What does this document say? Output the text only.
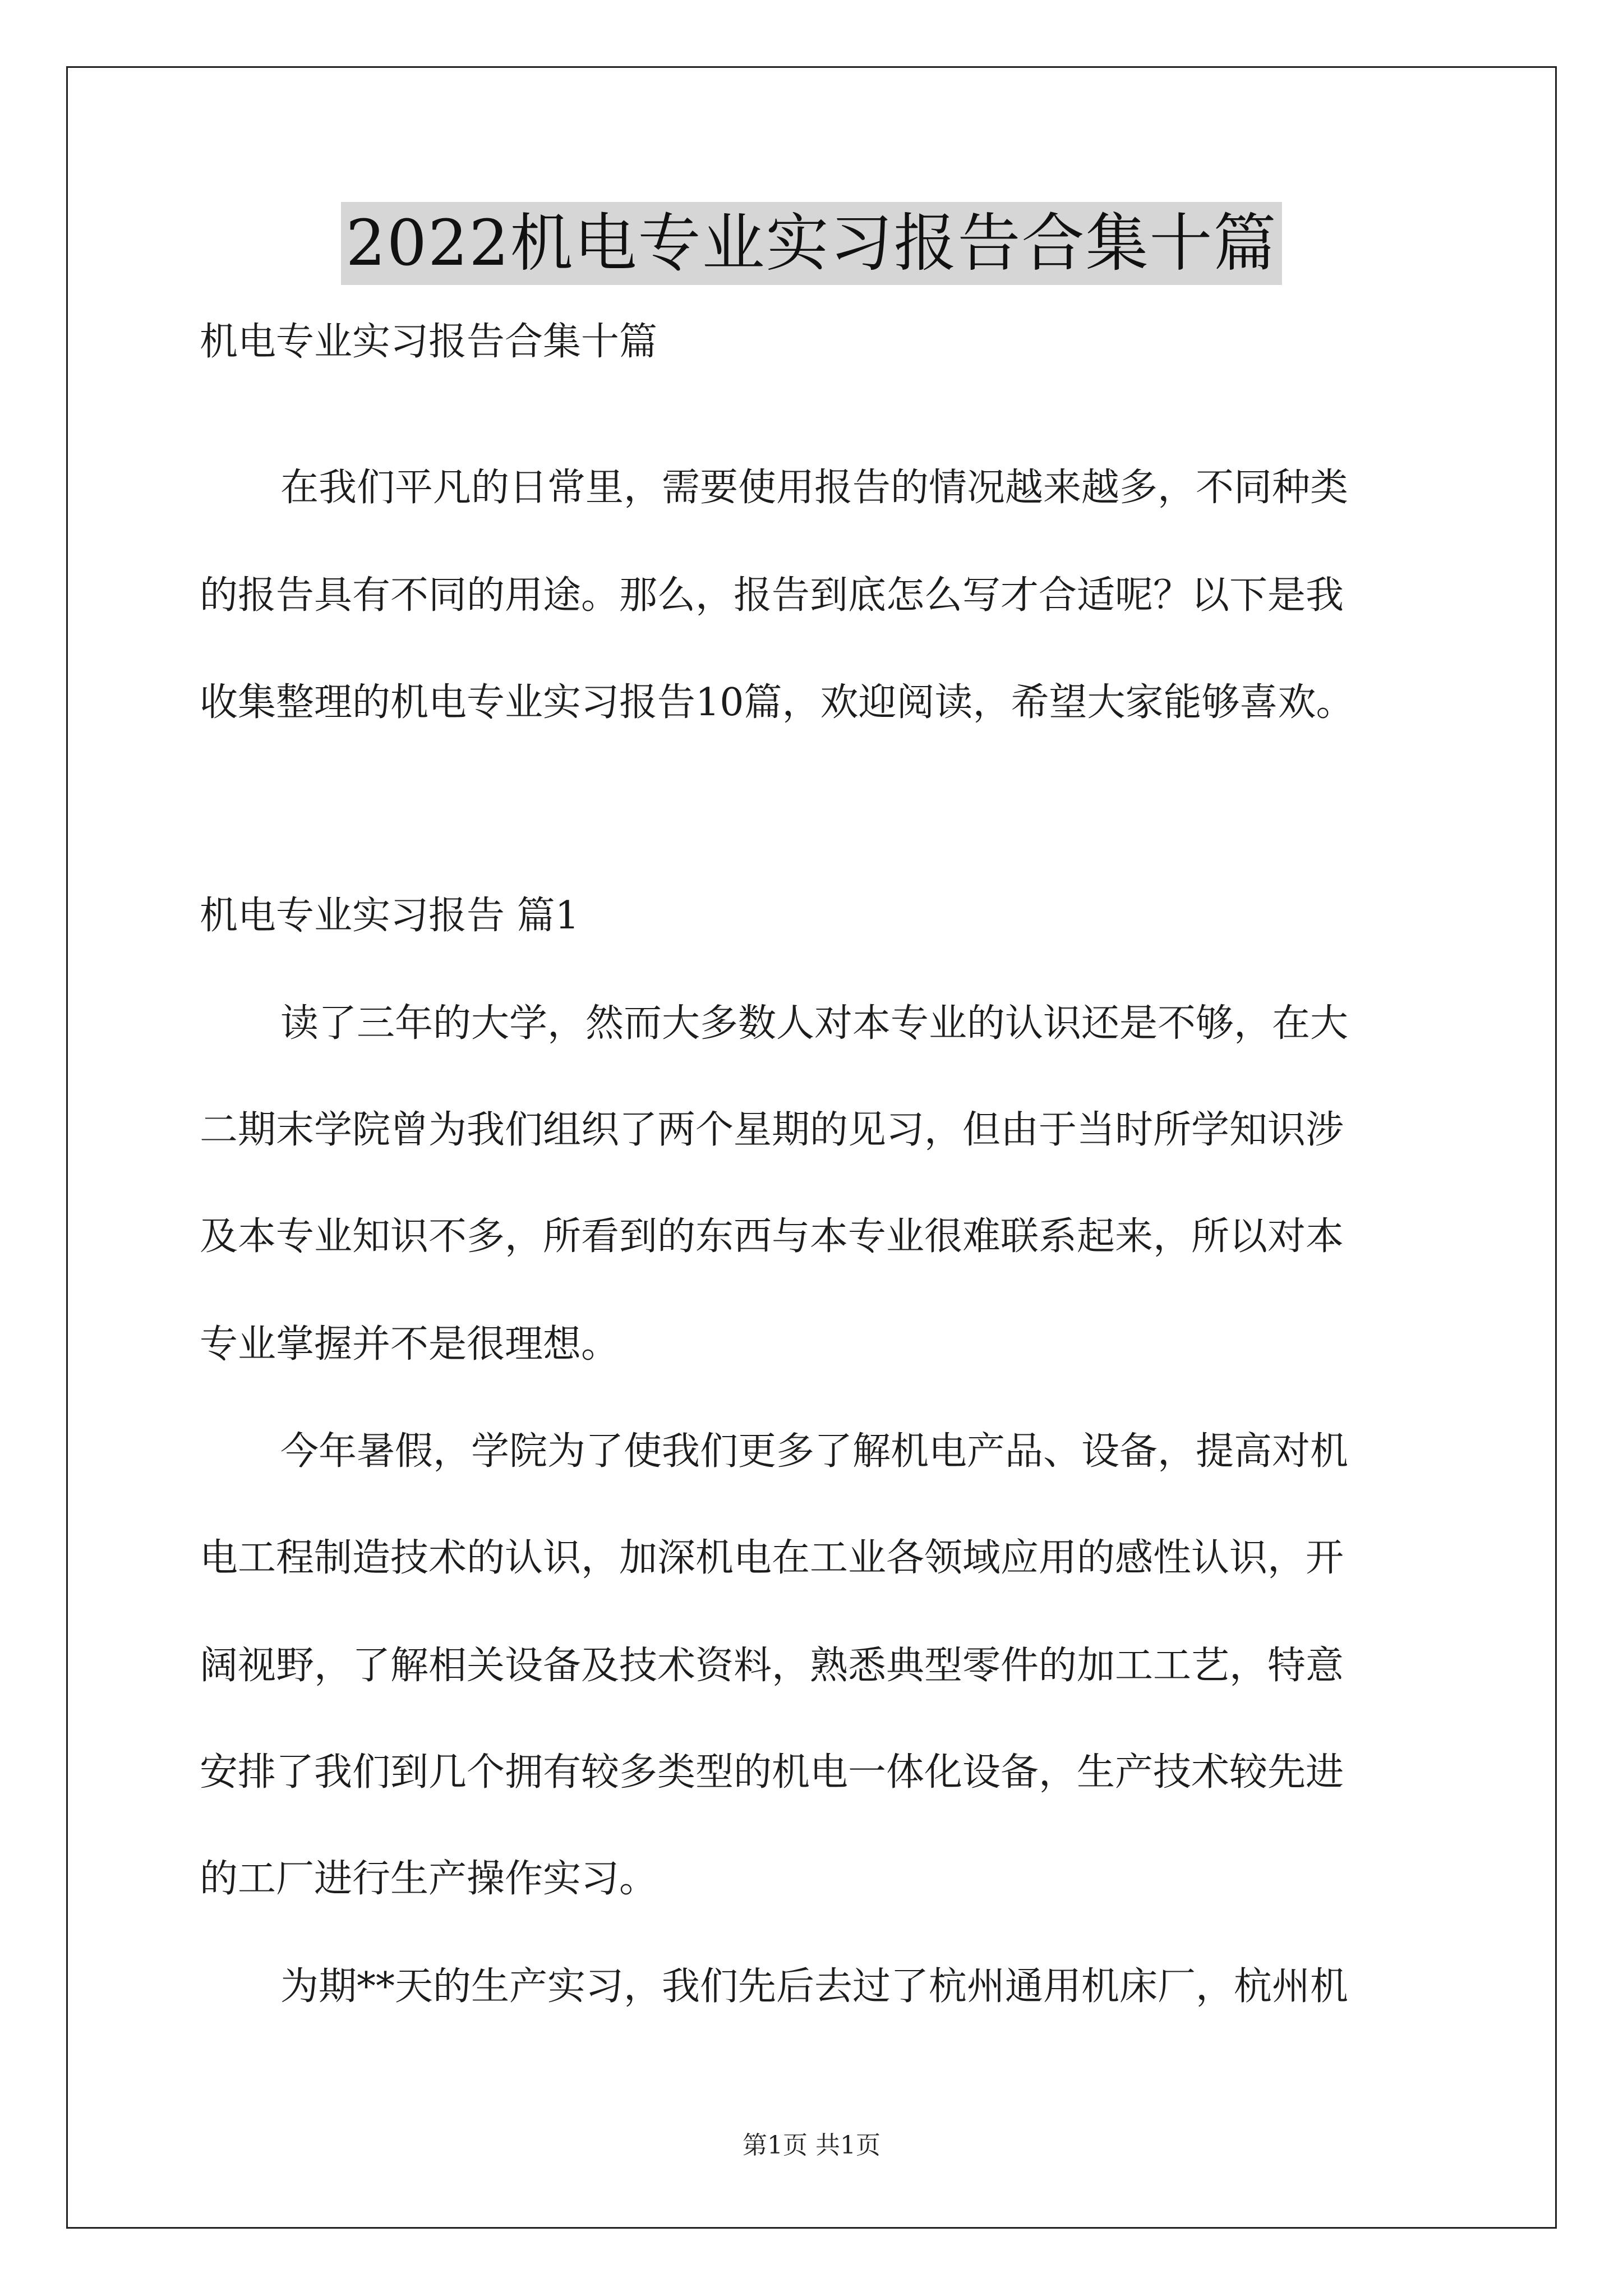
2022机电专业实习报告合集十篇
机电专业实习报告合集十篇
在我们平凡的日常里，需要使用报告的情况越来越多，不同种类
的报告具有不同的用途。那么，报告到底怎么写才合适呢？以下是我
收集整理的机电专业实习报告10篇，欢迎阅读，希望大家能够喜欢。
机电专业实习报告 篇1
读了三年的大学，然而大多数人对本专业的认识还是不够，在大
二期末学院曾为我们组织了两个星期的见习，但由于当时所学知识涉
及本专业知识不多，所看到的东西与本专业很难联系起来，所以对本
专业掌握并不是很理想。
今年暑假，学院为了使我们更多了解机电产品、设备，提高对机
电工程制造技术的认识，加深机电在工业各领域应用的感性认识，开
阔视野，了解相关设备及技术资料，熟悉典型零件的加工工艺，特意
安排了我们到几个拥有较多类型的机电一体化设备，生产技术较先进
的工厂进行生产操作实习。
为期**天的生产实习，我们先后去过了杭州通用机床厂，杭州机
第1页 共1页
